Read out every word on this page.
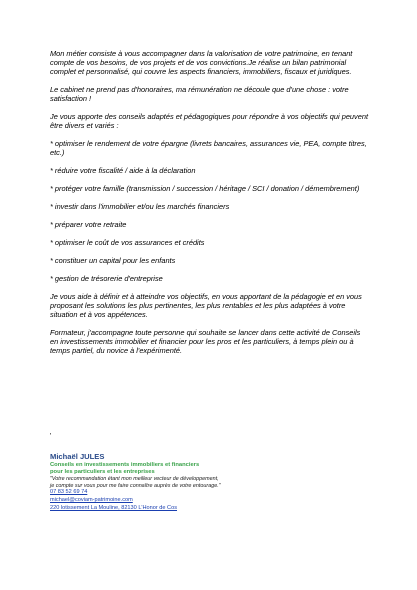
Mon métier consiste à vous accompagner dans la valorisation de votre patrimoine, en tenant compte de vos besoins, de vos projets et de vos convictions.Je réalise un bilan patrimonial complet et personnalisé, qui couvre les aspects financiers, immobiliers, fiscaux et juridiques.

Le cabinet ne prend pas d'honoraires, ma rémunération ne découle que d'une chose : votre satisfaction !

Je vous apporte des conseils adaptés et pédagogiques pour répondre à vos objectifs qui peuvent être divers et variés :

* optimiser le rendement de votre épargne (livrets bancaires, assurances vie, PEA, compte titres, etc.)

* réduire votre fiscalité / aide à la déclaration

* protéger votre famille (transmission / succession / héritage / SCI / donation / démembrement)

* investir dans l'immobilier et/ou les marchés financiers

* préparer votre retraite

* optimiser le coût de vos assurances et crédits

* constituer un capital pour les enfants

* gestion de trésorerie d'entreprise

Je vous aide à définir et à atteindre vos objectifs, en vous apportant de la pédagogie et en vous proposant les solutions les plus pertinentes, les plus rentables et les plus adaptées à votre situation et à vos appétences.

Formateur, j'accompagne toute personne qui souhaite se lancer dans cette activité de Conseils en investissements immobilier et financier pour les pros et les particuliers, à temps plein ou à temps partiel, du novice à l'expérimenté.

'
Michaël JULES
Conseils en investissements immobiliers et financiers
pour les particuliers et les entreprises
"Votre recommandation étant mon meilleur vecteur de développement,
je compte sur vous pour me faire connaître auprès de votre entourage."
07 83 52 69 74
michael@coviam-patrimoine.com
220 lotissement La Mouline, 82130 L'Honor de Cos
